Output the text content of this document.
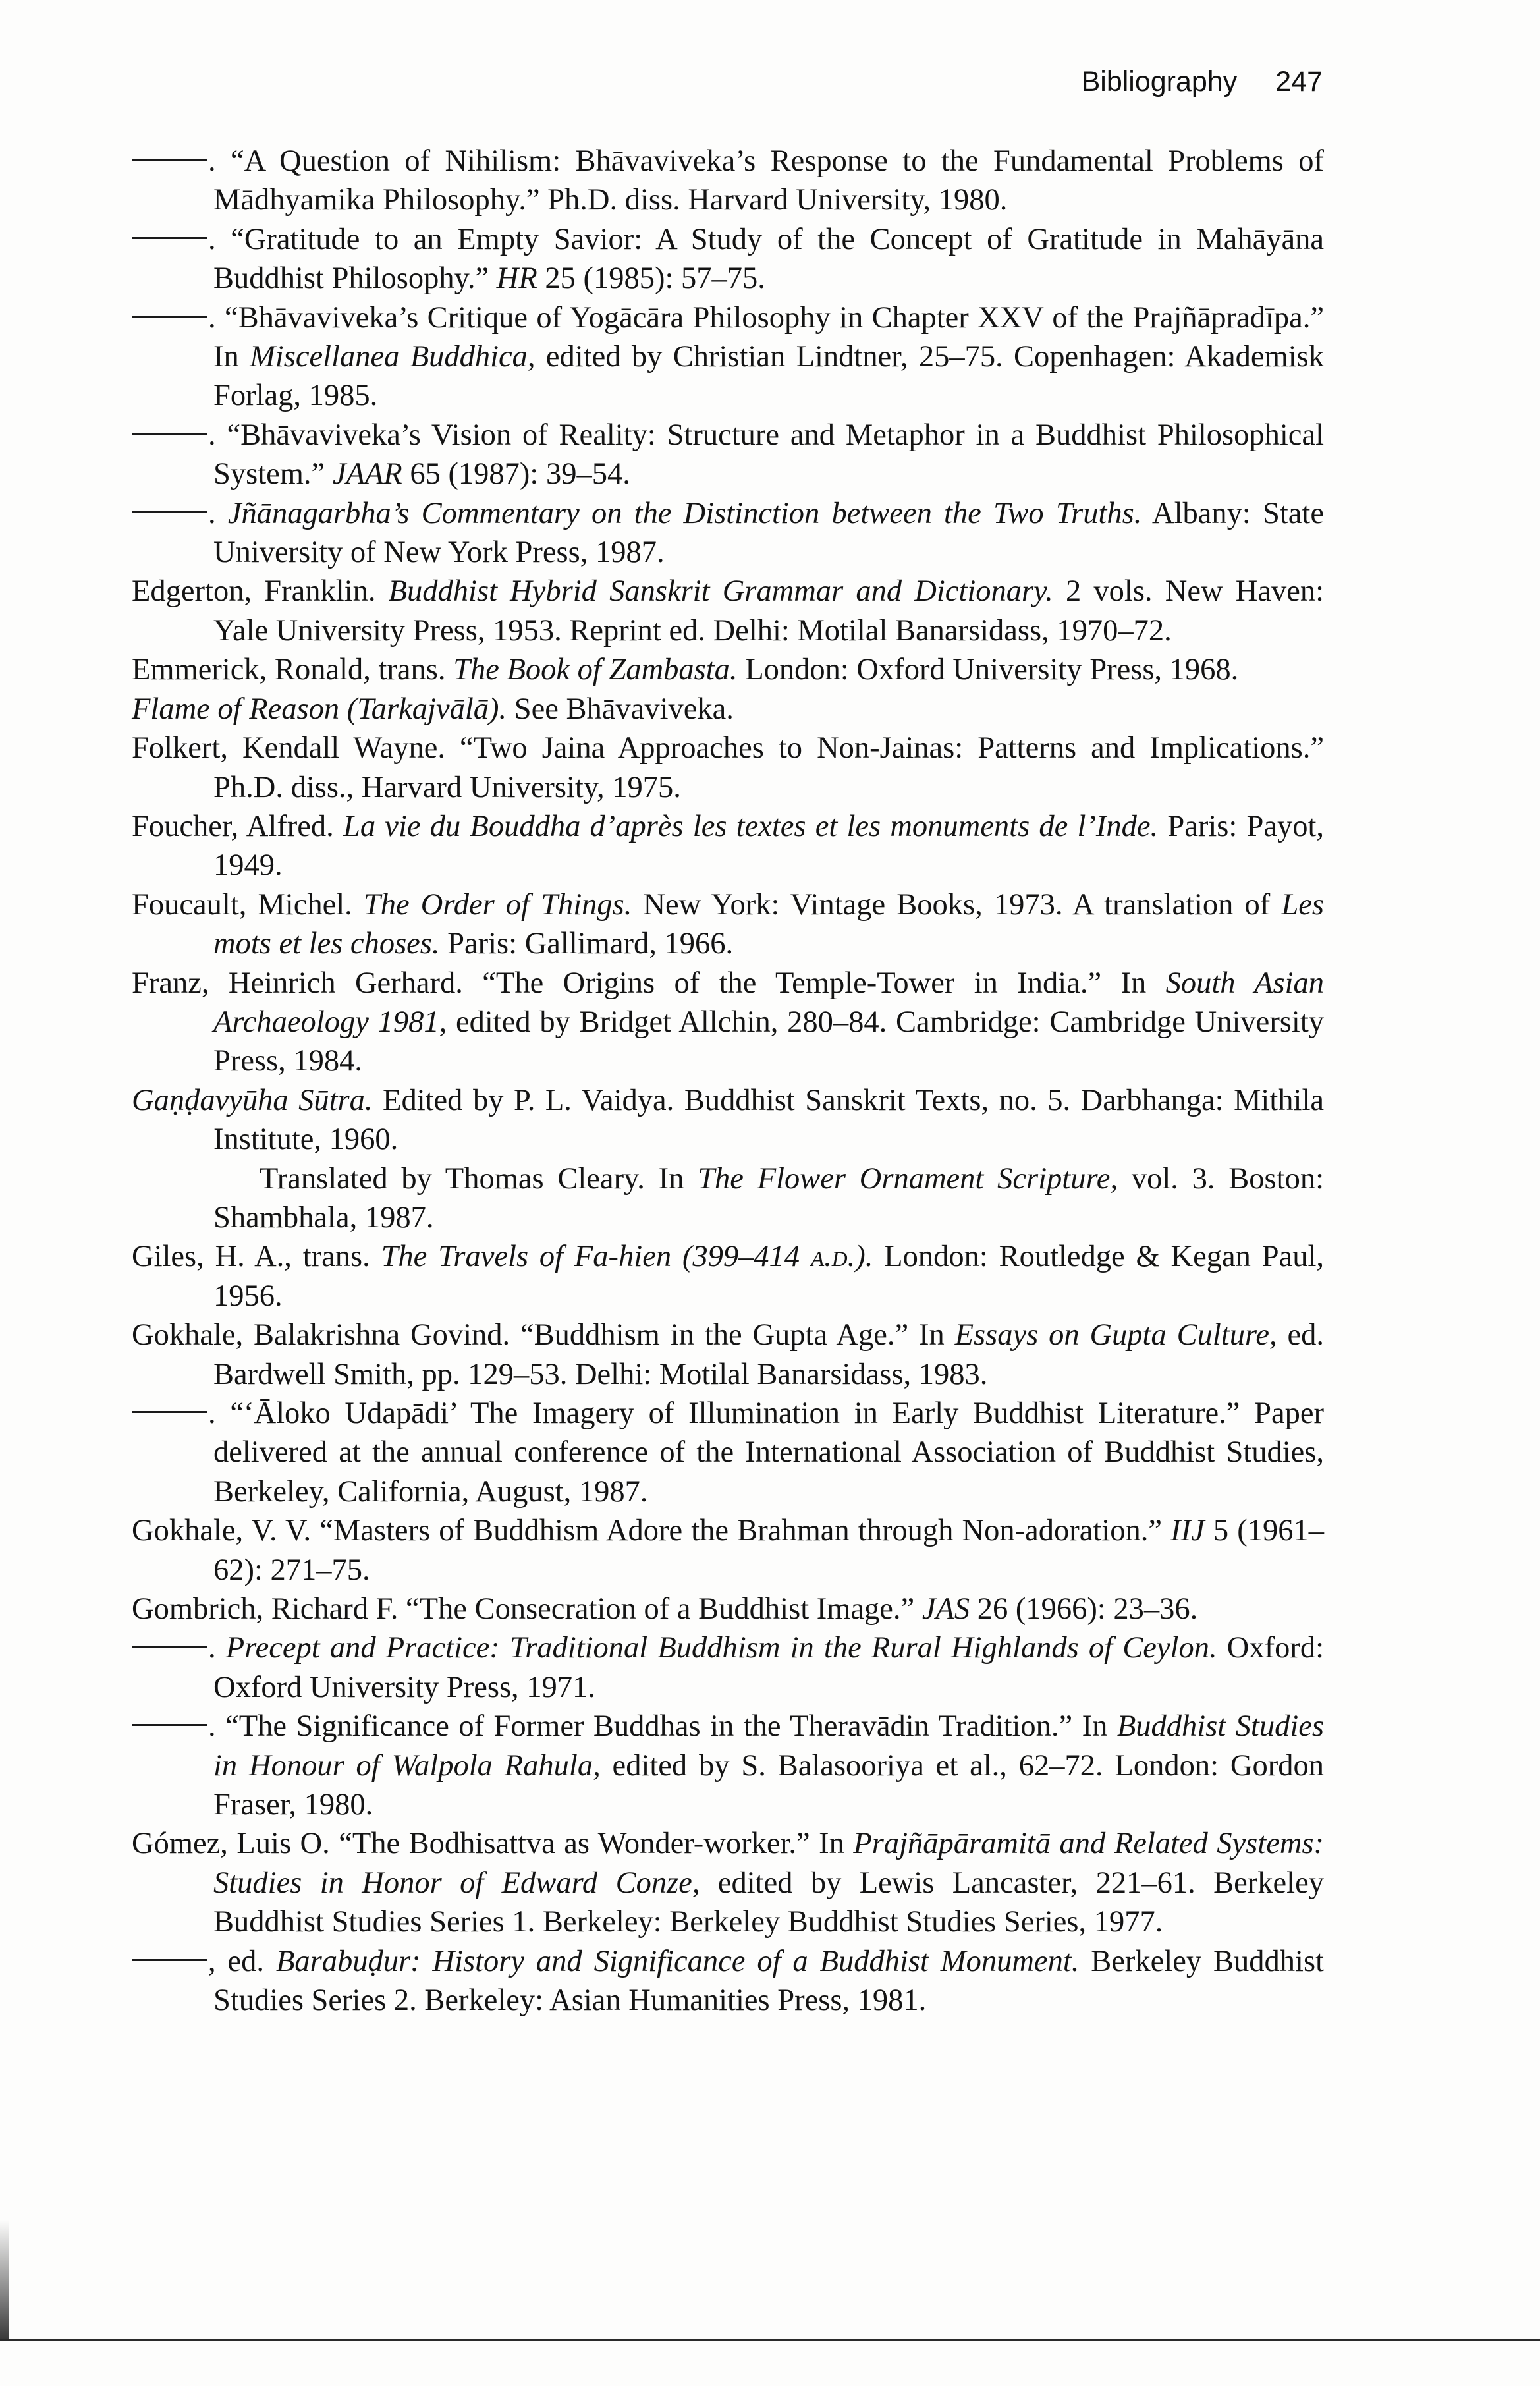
Bibliography 247

. “A Question of Nihilism: Bhāvaviveka’s Response to the Fundamental Problems of Mādhyamika Philosophy.” Ph.D. diss. Harvard University, 1980.

. “Gratitude to an Empty Savior: A Study of the Concept of Gratitude in Mahāyāna Buddhist Philosophy.” HR 25 (1985): 57–75.

. “Bhāvaviveka’s Critique of Yogācāra Philosophy in Chapter XXV of the Prajñāpradīpa.” In Miscellanea Buddhica, edited by Christian Lindtner, 25–75. Copenhagen: Akademisk Forlag, 1985.

. “Bhāvaviveka’s Vision of Reality: Structure and Metaphor in a Buddhist Philosophical System.” JAAR 65 (1987): 39–54.

. Jñānagarbha’s Commentary on the Distinction between the Two Truths. Albany: State University of New York Press, 1987.

Edgerton, Franklin. Buddhist Hybrid Sanskrit Grammar and Dictionary. 2 vols. New Haven: Yale University Press, 1953. Reprint ed. Delhi: Motilal Banarsidass, 1970–72.

Emmerick, Ronald, trans. The Book of Zambasta. London: Oxford University Press, 1968.

Flame of Reason (Tarkajvālā). See Bhāvaviveka.

Folkert, Kendall Wayne. “Two Jaina Approaches to Non-Jainas: Patterns and Implications.” Ph.D. diss., Harvard University, 1975.

Foucher, Alfred. La vie du Bouddha d’après les textes et les monuments de l’Inde. Paris: Payot, 1949.

Foucault, Michel. The Order of Things. New York: Vintage Books, 1973. A translation of Les mots et les choses. Paris: Gallimard, 1966.

Franz, Heinrich Gerhard. “The Origins of the Temple-Tower in India.” In South Asian Archaeology 1981, edited by Bridget Allchin, 280–84. Cambridge: Cambridge University Press, 1984.

Gaṇḍavyūha Sūtra. Edited by P. L. Vaidya. Buddhist Sanskrit Texts, no. 5. Darbhanga: Mithila Institute, 1960.

Translated by Thomas Cleary. In The Flower Ornament Scripture, vol. 3. Boston: Shambhala, 1987.

Giles, H. A., trans. The Travels of Fa-hien (399–414 a.d.). London: Routledge & Kegan Paul, 1956.

Gokhale, Balakrishna Govind. “Buddhism in the Gupta Age.” In Essays on Gupta Culture, ed. Bardwell Smith, pp. 129–53. Delhi: Motilal Banarsidass, 1983.

. “‘Āloko Udapādi’ The Imagery of Illumination in Early Buddhist Literature.” Paper delivered at the annual conference of the International Association of Buddhist Studies, Berkeley, California, August, 1987.

Gokhale, V. V. “Masters of Buddhism Adore the Brahman through Non-adoration.” IIJ 5 (1961–62): 271–75.

Gombrich, Richard F. “The Consecration of a Buddhist Image.” JAS 26 (1966): 23–36.

. Precept and Practice: Traditional Buddhism in the Rural Highlands of Ceylon. Oxford: Oxford University Press, 1971.

. “The Significance of Former Buddhas in the Theravādin Tradition.” In Buddhist Studies in Honour of Walpola Rahula, edited by S. Balasooriya et al., 62–72. London: Gordon Fraser, 1980.

Gómez, Luis O. “The Bodhisattva as Wonder-worker.” In Prajñāpāramitā and Related Systems: Studies in Honor of Edward Conze, edited by Lewis Lancaster, 221–61. Berkeley Buddhist Studies Series 1. Berkeley: Berkeley Buddhist Studies Series, 1977.

, ed. Barabuḍur: History and Significance of a Buddhist Monument. Berkeley Buddhist Studies Series 2. Berkeley: Asian Humanities Press, 1981.
